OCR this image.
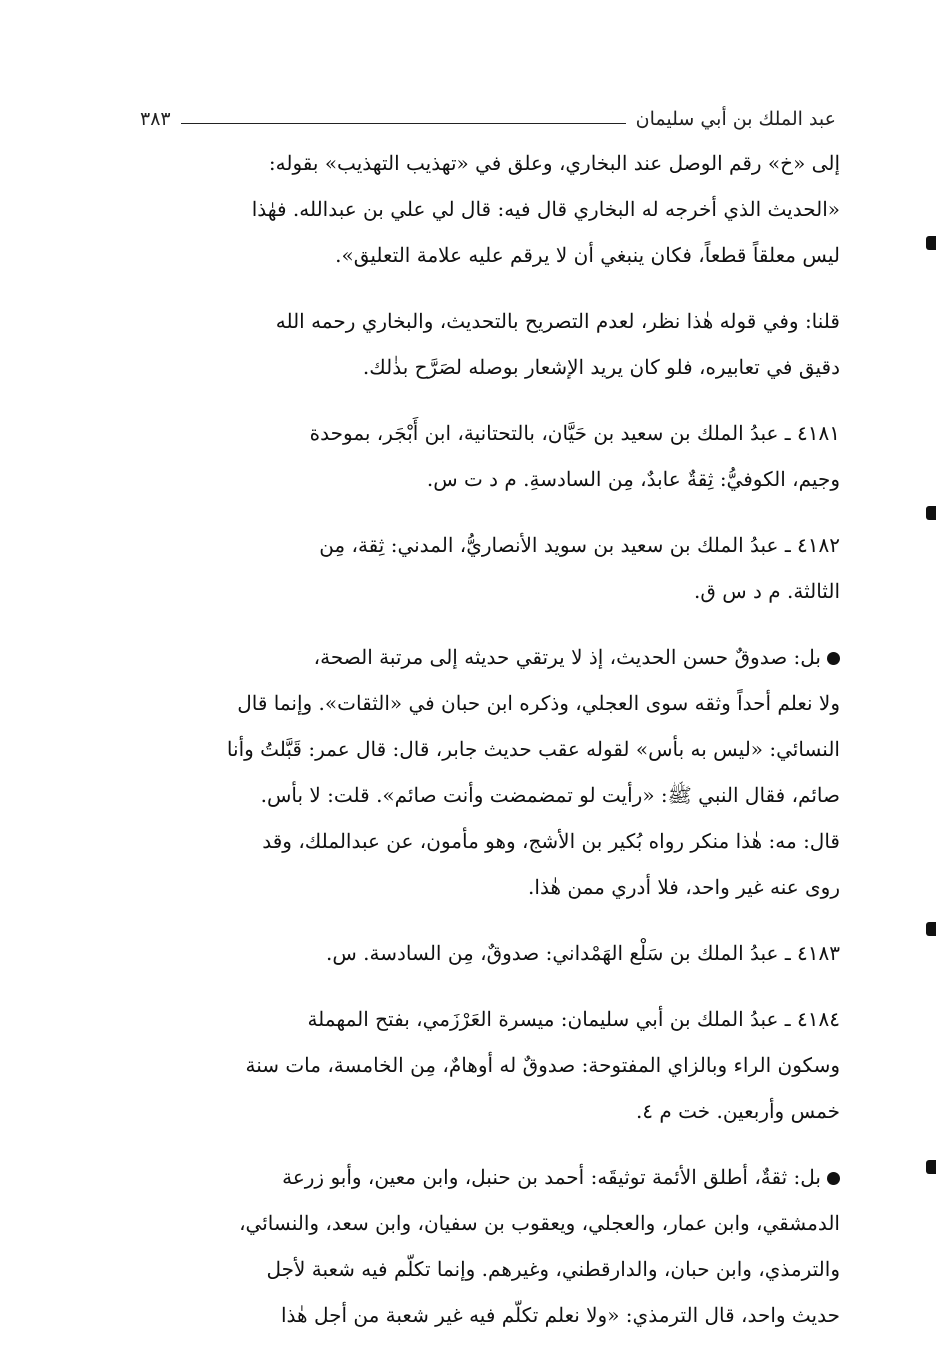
عبد الملك بن أبي سليمان
٣٨٣
إلى «خ» رقم الوصل عند البخاري، وعلق في «تهذيب التهذيب» بقوله:
«الحديث الذي أخرجه له البخاري قال فيه: قال لي علي بن عبدالله. فهٰذا
ليس معلقاً قطعاً، فكان ينبغي أن لا يرقم عليه علامة التعليق».
قلنا: وفي قوله هٰذا نظر، لعدم التصريح بالتحديث، والبخاري رحمه الله
دقيق في تعابيره، فلو كان يريد الإشعار بوصله لصَرَّح بذٰلك.
٤١٨١ ـ عبدُ الملك بن سعيد بن حَيَّان، بالتحتانية، ابن أَبْجَر، بموحدة
وجيم، الكوفيُّ: ثِقةٌ عابدٌ، مِن السادسةِ. م د ت س.
٤١٨٢ ـ عبدُ الملك بن سعيد بن سويد الأنصاريُّ، المدني: ثِقة، مِن
الثالثة. م د س ق.
بل: صدوقٌ حسن الحديث، إذ لا يرتقي حديثه إلى مرتبة الصحة،
ولا نعلم أحداً وثقه سوى العجلي، وذكره ابن حبان في «الثقات». وإنما قال
النسائي: «ليس به بأس» لقوله عقب حديث جابر، قال: قال عمر: قَبَّلتُ وأنا
صائم، فقال النبي ﷺ: «رأيت لو تمضمضت وأنت صائم». قلت: لا بأس.
قال: مه: هٰذا منكر رواه بُكير بن الأشج، وهو مأمون، عن عبدالملك، وقد
روى عنه غير واحد، فلا أدري ممن هٰذا.
٤١٨٣ ـ عبدُ الملك بن سَلْع الهَمْداني: صدوقٌ، مِن السادسة. س.
٤١٨٤ ـ عبدُ الملك بن أبي سليمان: ميسرة العَرْزَمي، بفتح المهملة
وسكون الراء وبالزاي المفتوحة: صدوقٌ له أوهامٌ، مِن الخامسة، مات سنة
خمس وأربعين. خت م ٤.
بل: ثقةٌ، أطلق الأئمة توثيقَه: أحمد بن حنبل، وابن معين، وأبو زرعة
الدمشقي، وابن عمار، والعجلي، ويعقوب بن سفيان، وابن سعد، والنسائي،
والترمذي، وابن حبان، والدارقطني، وغيرهم. وإنما تكلّم فيه شعبة لأجل
حديث واحد، قال الترمذي: «ولا نعلم تكلّم فيه غير شعبة من أجل هٰذا
